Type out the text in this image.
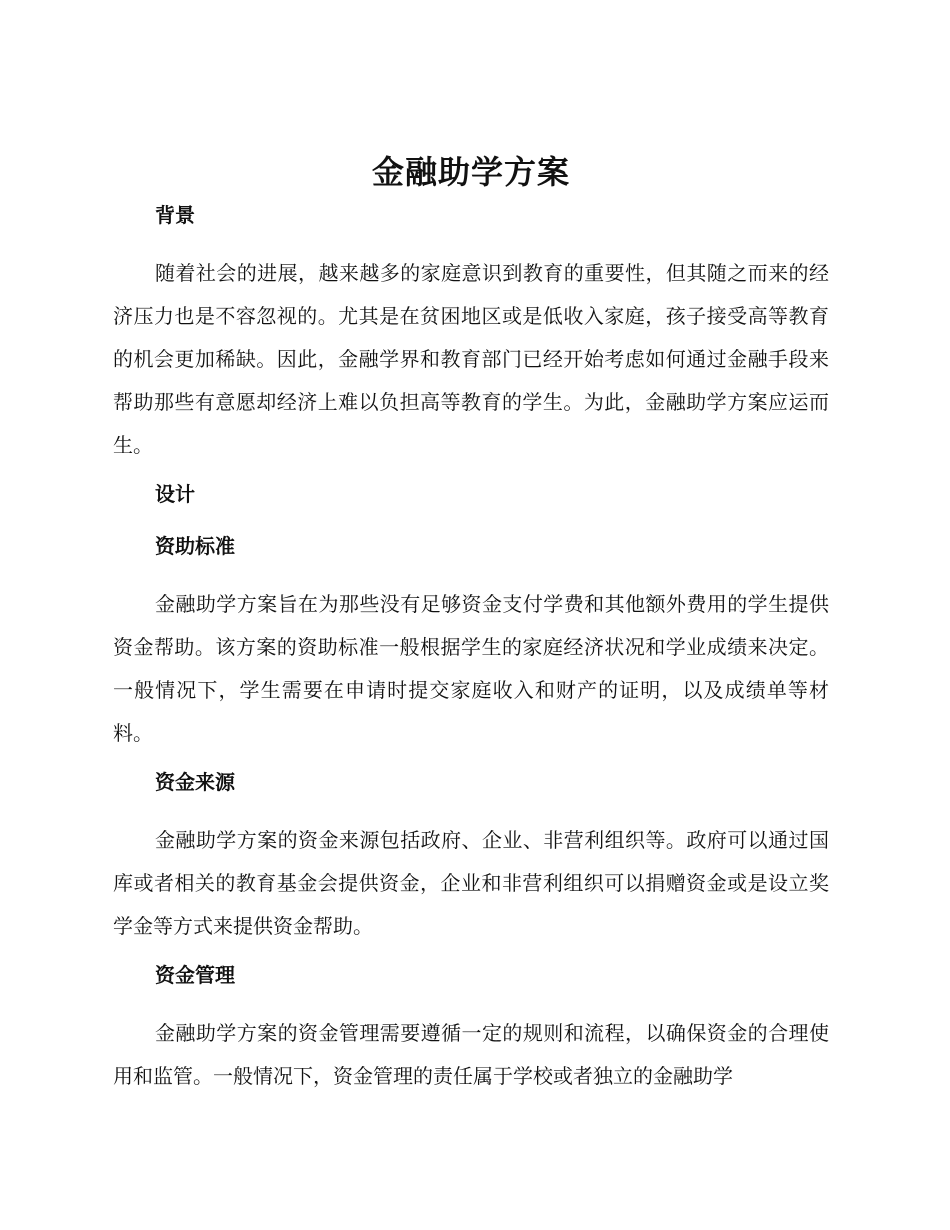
金融助学方案
背景

随着社会的进展，越来越多的家庭意识到教育的重要性，但其随之而来的经济压力也是不容忽视的。尤其是在贫困地区或是低收入家庭，孩子接受高等教育的机会更加稀缺。因此，金融学界和教育部门已经开始考虑如何通过金融手段来帮助那些有意愿却经济上难以负担高等教育的学生。为此，金融助学方案应运而生。

设计
资助标准

金融助学方案旨在为那些没有足够资金支付学费和其他额外费用的学生提供资金帮助。该方案的资助标准一般根据学生的家庭经济状况和学业成绩来决定。一般情况下，学生需要在申请时提交家庭收入和财产的证明，以及成绩单等材料。

资金来源

金融助学方案的资金来源包括政府、企业、非营利组织等。政府可以通过国库或者相关的教育基金会提供资金，企业和非营利组织可以捐赠资金或是设立奖学金等方式来提供资金帮助。

资金管理

金融助学方案的资金管理需要遵循一定的规则和流程，以确保资金的合理使用和监管。一般情况下，资金管理的责任属于学校或者独立的金融助学
